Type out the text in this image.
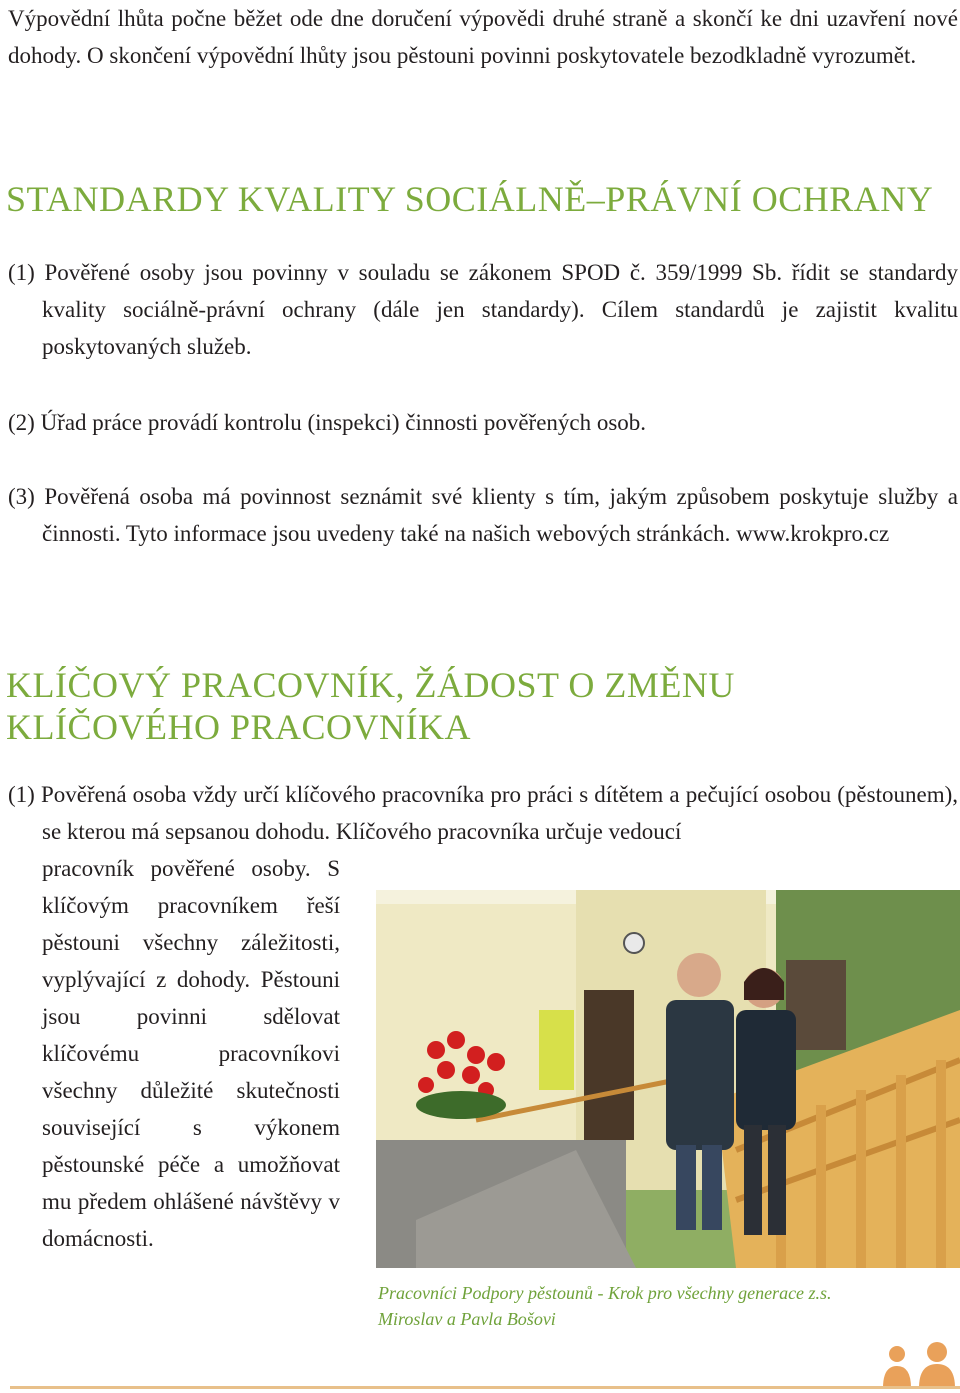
Výpovědní lhůta počne běžet ode dne doručení výpovědi druhé straně a skončí ke dni uzavření nové dohody. O skončení výpovědní lhůty jsou pěstouni povinni poskytovatele bezodkladně vyrozumět.

STANDARDY KVALITY SOCIÁLNĚ–PRÁVNÍ OCHRANY

(1) Pověřené osoby jsou povinny v souladu se zákonem SPOD č. 359/1999 Sb. řídit se standardy kvality sociálně-právní ochrany (dále jen standardy). Cílem standardů je zajistit kvalitu poskytovaných služeb.

(2) Úřad práce provádí kontrolu (inspekci) činnosti pověřených osob.

(3) Pověřená osoba má povinnost seznámit své klienty s tím, jakým způsobem poskytuje služby a činnosti. Tyto informace jsou uvedeny také na našich webových stránkách. www.krokpro.cz

KLÍČOVÝ PRACOVNÍK, ŽÁDOST O ZMĚNU KLÍČOVÉHO PRACOVNÍKA

(1) Pověřená osoba vždy určí klíčového pracovníka pro práci s dítětem a pečující osobou (pěstounem), se kterou má sepsanou dohodu. Klíčového pracovníka určuje vedoucí

pracovník pověřené osoby. S klíčovým pracovníkem řeší pěstouni všechny záležitosti, vyplývající z dohody. Pěstouni jsou povinni sdělovat klíčovému pracovníkovi všechny důležité skutečnosti související s výkonem pěstounské péče a umožňovat mu předem ohlášené návštěvy v domácnosti.

Pracovníci Podpory pěstounů - Krok pro všechny generace z.s.
Miroslav a Pavla Bošovi
